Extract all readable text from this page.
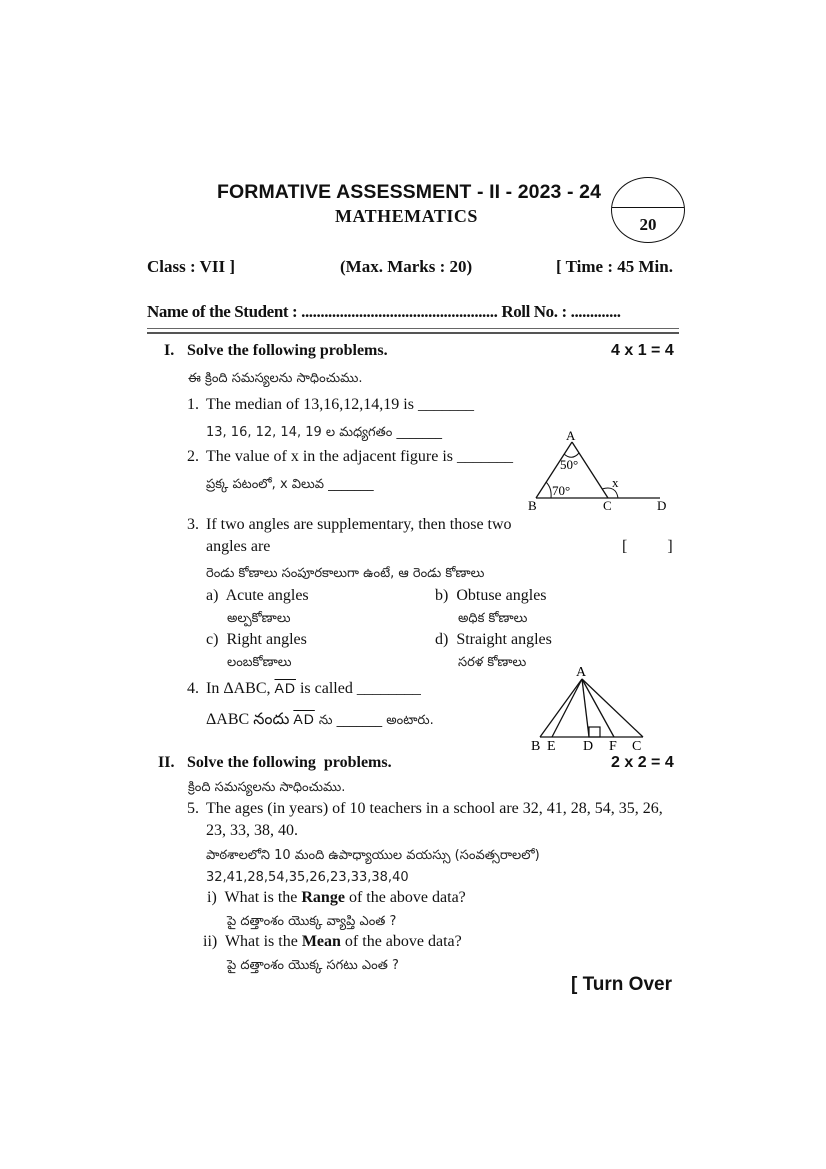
FORMATIVE ASSESSMENT - II - 2023 - 24
MATHEMATICS	20
Class : VII ]	(Max. Marks : 20)	[ Time : 45 Min.
Name of the Student : ................................................... Roll No. : .............
I. Solve the following problems.	4 x 1 = 4
ఈ క్రింది సమస్యలను సాధించుము.
1. The median of 13,16,12,14,19 is _______
13, 16, 12, 14, 19 ల మధ్యగతం _______
2. The value of x in the adjacent figure is _______
ప్రక్క పటంలో, x విలువ _______
A
50°
70°
x
B	C	D
3. If two angles are supplementary, then those two
angles are	[          ]
రెండు కోణాలు సంపూరకాలుగా ఉంటే, ఆ రెండు కోణాలు
a) Acute angles
అల్పకోణాలు
b) Obtuse angles
అధిక కోణాలు
c) Right angles
లంబకోణాలు
d) Straight angles
సరళ కోణాలు
4. In ΔABC, $\overline{AD}$ is called ________
ΔABC నందు $\overline{AD}$ ను _______ అంటారు.
A
B E D F C
II. Solve the following  problems.	2 x 2 = 4
క్రింది సమస్యలను సాధించుము.
5. The ages (in years) of 10 teachers in a school are 32, 41, 28, 54, 35, 26,
23, 33, 38, 40.
పాఠశాలలోని 10 మంది ఉపాధ్యాయుల వయస్సు (సంవత్సరాలలో)
32,41,28,54,35,26,23,33,38,40
i) What is the Range of the above data?
పై దత్తాంశం యొక్క వ్యాప్తి ఎంత ?
ii) What is the Mean of the above data?
పై దత్తాంశం యొక్క సగటు ఎంత ?
[ Turn Over
